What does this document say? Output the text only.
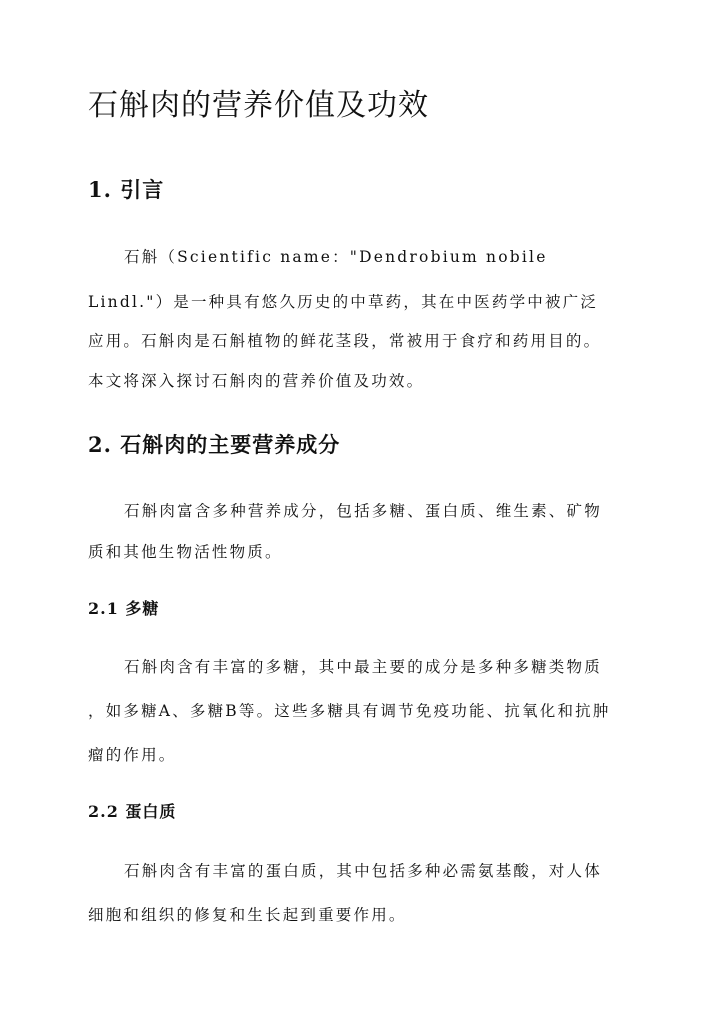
石斛肉的营养价值及功效
1. 引言
石斛（Scientific name："Dendrobium nobile
Lindl."）是一种具有悠久历史的中草药，其在中医药学中被广泛
应用。石斛肉是石斛植物的鲜花茎段，常被用于食疗和药用目的。
本文将深入探讨石斛肉的营养价值及功效。
2. 石斛肉的主要营养成分
石斛肉富含多种营养成分，包括多糖、蛋白质、维生素、矿物
质和其他生物活性物质。
2.1 多糖
石斛肉含有丰富的多糖，其中最主要的成分是多种多糖类物质
，如多糖A、多糖B等。这些多糖具有调节免疫功能、抗氧化和抗肿
瘤的作用。
2.2 蛋白质
石斛肉含有丰富的蛋白质，其中包括多种必需氨基酸，对人体
细胞和组织的修复和生长起到重要作用。
